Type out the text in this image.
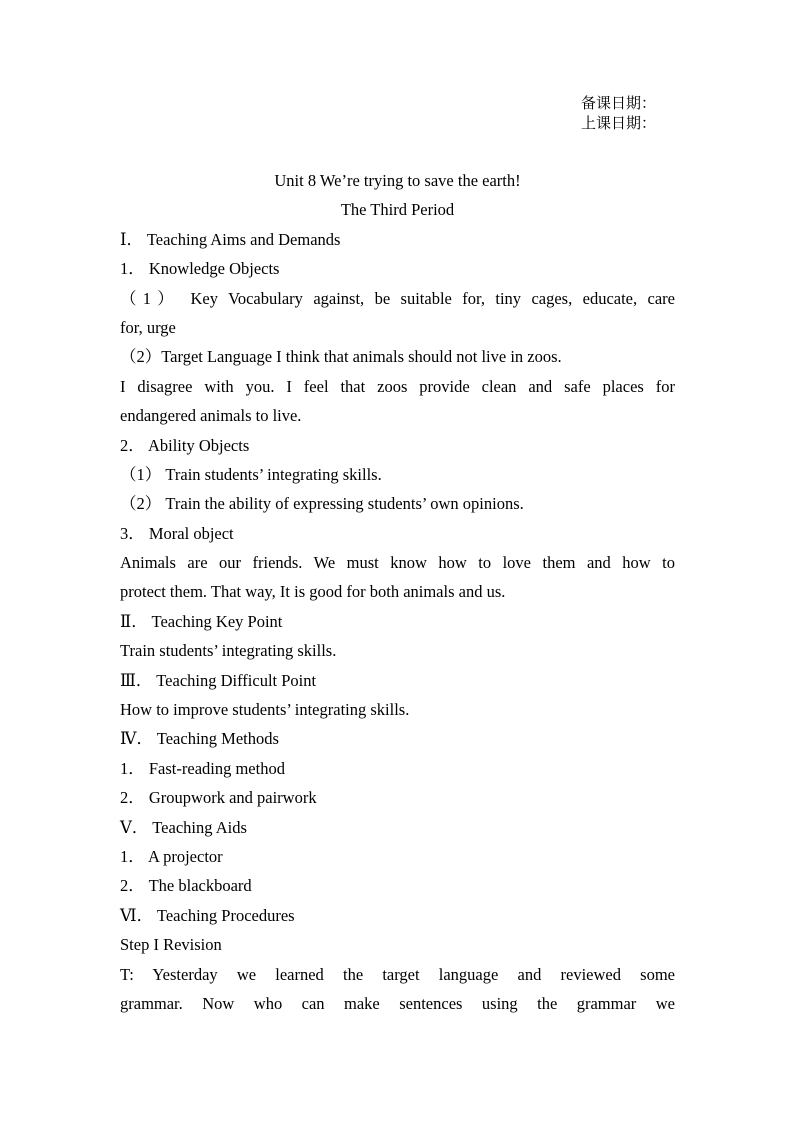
备课日期：
上课日期：
Unit 8 We’re trying to save the earth!
The Third Period
Ⅰ． Teaching Aims and Demands
1． Knowledge Objects
（1） Key Vocabulary against, be suitable for, tiny cages, educate, care
for, urge
（2）Target Language I think that animals should not live in zoos.
I disagree with you. I feel that zoos provide clean and safe places for
endangered animals to live.
2． Ability Objects
（1） Train students’ integrating skills.
（2） Train the ability of expressing students’ own opinions.
3． Moral object
Animals are our friends. We must know how to love them and how to
protect them. That way, It is good for both animals and us.
Ⅱ． Teaching Key Point
Train students’ integrating skills.
Ⅲ． Teaching Difficult Point
How to improve students’ integrating skills.
Ⅳ． Teaching Methods
1． Fast-reading method
2． Groupwork and pairwork
Ⅴ． Teaching Aids
1． A projector
2． The blackboard
Ⅵ． Teaching Procedures
Step I Revision
T: Yesterday we learned the target language and reviewed some
grammar. Now who can make sentences using the grammar we
